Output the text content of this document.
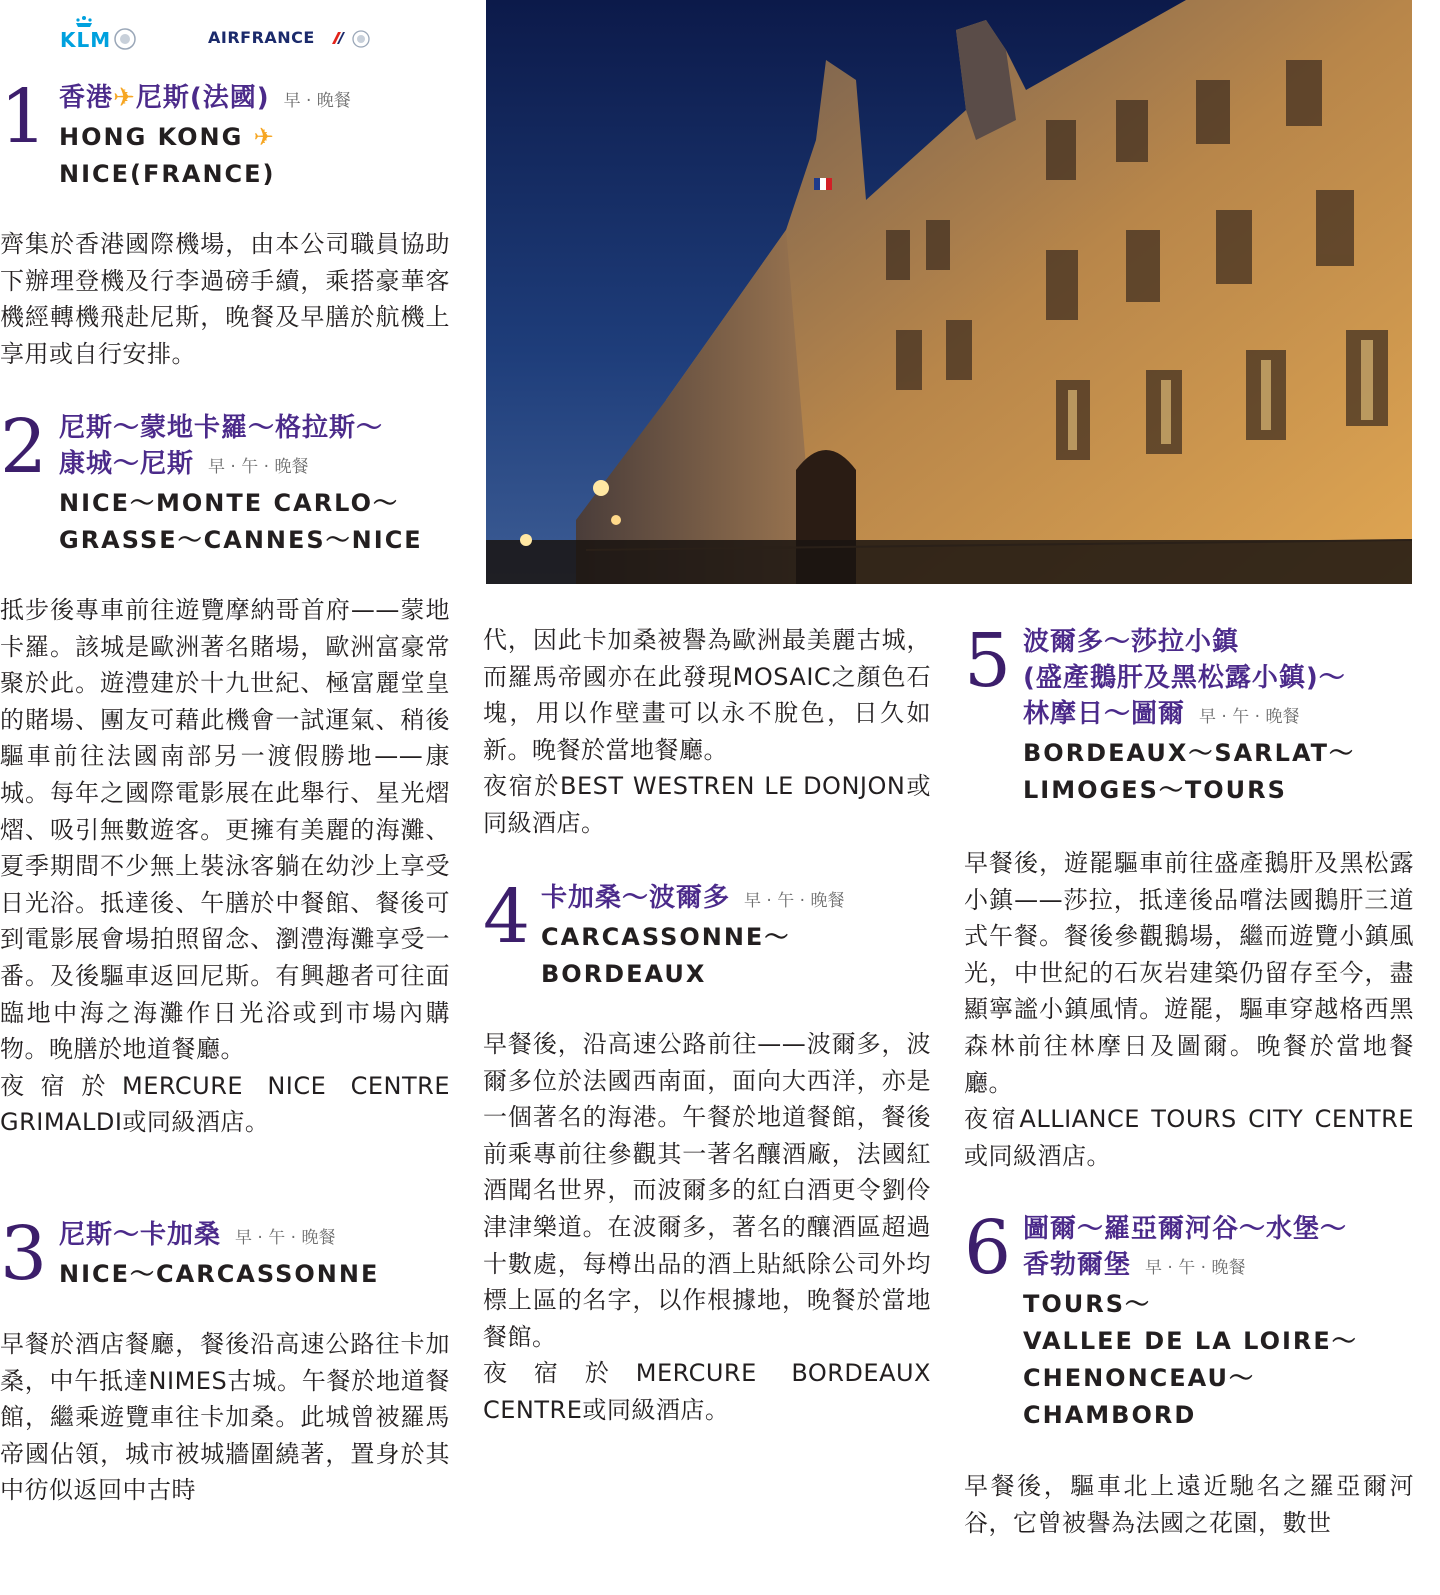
KLM	AIRFRANCE
1 香港✈尼斯(法國) 早 · 晚餐
HONG KONG ✈
NICE(FRANCE)

齊集於香港國際機場，由本公司職員協助下辦理登機及行李過磅手續，乘搭豪華客機經轉機飛赴尼斯，晚餐及早膳於航機上享用或自行安排。

2 尼斯～蒙地卡羅～格拉斯～
康城～尼斯 早 · 午 · 晚餐
NICE～MONTE CARLO～
GRASSE～CANNES～NICE

抵步後專車前往遊覽摩納哥首府——蒙地卡羅。該城是歐洲著名賭場，歐洲富豪常聚於此。遊澧建於十九世紀、極富麗堂皇的賭場、團友可藉此機會一試運氣、稍後驅車前往法國南部另一渡假勝地——康城。每年之國際電影展在此舉行、星光熠熠、吸引無數遊客。更擁有美麗的海灘、夏季期間不少無上裝泳客躺在幼沙上享受日光浴。抵達後、午膳於中餐館、餐後可到電影展會場拍照留念、瀏澧海灘享受一番。及後驅車返回尼斯。有興趣者可往面臨地中海之海灘作日光浴或到市場內購物。晚膳於地道餐廳。

夜宿於MERCURE NICE CENTRE GRIMALDI或同級酒店。

3 尼斯～卡加桑 早 · 午 · 晚餐
NICE～CARCASSONNE

早餐於酒店餐廳，餐後沿高速公路往卡加桑，中午抵達NIMES古城。午餐於地道餐館，繼乘遊覽車往卡加桑。此城曾被羅馬帝國佔領，城市被城牆圍繞著，置身於其中彷似返回中古時

代，因此卡加桑被譽為歐洲最美麗古城，而羅馬帝國亦在此發現MOSAIC之顏色石塊，用以作壁畫可以永不脫色，日久如新。晚餐於當地餐廳。

夜宿於BEST WESTREN LE DONJON或同級酒店。

4 卡加桑～波爾多 早 · 午 · 晚餐
CARCASSONNE～
BORDEAUX

早餐後，沿高速公路前往——波爾多，波爾多位於法國西南面，面向大西洋，亦是一個著名的海港。午餐於地道餐館，餐後前乘專前往參觀其一著名釀酒廠，法國紅酒聞名世界，而波爾多的紅白酒更令劉伶津津樂道。在波爾多，著名的釀酒區超過十數處，每樽出品的酒上貼紙除公司外均標上區的名字，以作根據地，晚餐於當地餐館。

夜宿於MERCURE BORDEAUX CENTRE或同級酒店。

5 波爾多～莎拉小鎮
(盛產鵝肝及黑松露小鎮)～
林摩日～圖爾 早 · 午 · 晚餐
BORDEAUX～SARLAT～
LIMOGES～TOURS

早餐後，遊罷驅車前往盛產鵝肝及黑松露小鎮——莎拉，抵達後品嚐法國鵝肝三道式午餐。餐後參觀鵝場，繼而遊覽小鎮風光，中世紀的石灰岩建築仍留存至今，盡顯寧謐小鎮風情。遊罷，驅車穿越格西黑森林前往林摩日及圖爾。晚餐於當地餐廳。

夜宿ALLIANCE TOURS CITY CENTRE或同級酒店。

6 圖爾～羅亞爾河谷～水堡～
香勃爾堡 早 · 午 · 晚餐
TOURS～
VALLEE DE LA LOIRE～
CHENONCEAU～
CHAMBORD

早餐後，驅車北上遠近馳名之羅亞爾河谷，它曾被譽為法國之花園，數世
